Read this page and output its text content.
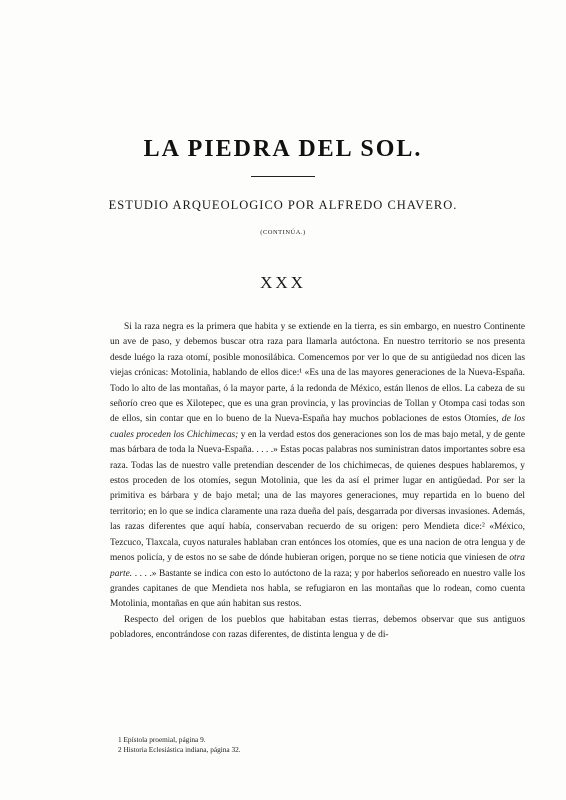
LA PIEDRA DEL SOL.
ESTUDIO ARQUEOLOGICO POR ALFREDO CHAVERO.
(CONTINÚA.)
XXX

Si la raza negra es la primera que habita y se extiende en la tierra, es sin embargo, en nuestro Continente un ave de paso, y debemos buscar otra raza para llamarla autóctona. En nuestro territorio se nos presenta desde luégo la raza otomí, posible monosilábica. Comencemos por ver lo que de su antigüedad nos dicen las viejas crónicas: Motolinia, hablando de ellos dice:¹ «Es una de las mayores generaciones de la Nueva-España. Todo lo alto de las montañas, ó la mayor parte, á la redonda de México, están llenos de ellos. La cabeza de su señorío creo que es Xilotepec, que es una gran provincia, y las provincias de Tollan y Otompa casi todas son de ellos, sin contar que en lo bueno de la Nueva-España hay muchos poblaciones de estos Otomíes, de los cuales proceden los Chichimecas; y en la verdad estos dos generaciones son los de mas bajo metal, y de gente mas bárbara de toda la Nueva-España. . . . .» Estas pocas palabras nos suministran datos importantes sobre esa raza. Todas las de nuestro valle pretendian descender de los chichimecas, de quienes despues hablaremos, y estos proceden de los otomíes, segun Motolinia, que les da así el primer lugar en antigüedad. Por ser la primitiva es bárbara y de bajo metal; una de las mayores generaciones, muy repartida en lo bueno del territorio; en lo que se indica claramente una raza dueña del país, desgarrada por diversas invasiones. Además, las razas diferentes que aquí había, conservaban recuerdo de su origen: pero Mendieta dice:² «México, Tezcuco, Tlaxcala, cuyos naturales hablaban cran entónces los otomíes, que es una nacion de otra lengua y de menos policía, y de estos no se sabe de dónde hubieran origen, porque no se tiene noticia que viniesen de otra parte. . . . .» Bastante se indica con esto lo autóctono de la raza; y por haberlos señoreado en nuestro valle los grandes capitanes de que Mendieta nos habla, se refugiaron en las montañas que lo rodean, como cuenta Motolinia, montañas en que aún habitan sus restos.

Respecto del origen de los pueblos que habitaban estas tierras, debemos observar que sus antiguos pobladores, encontrándose con razas diferentes, de distinta lengua y de di-

1 Epístola proemial, página 9.
2 Historia Eclesiástica indiana, página 32.
